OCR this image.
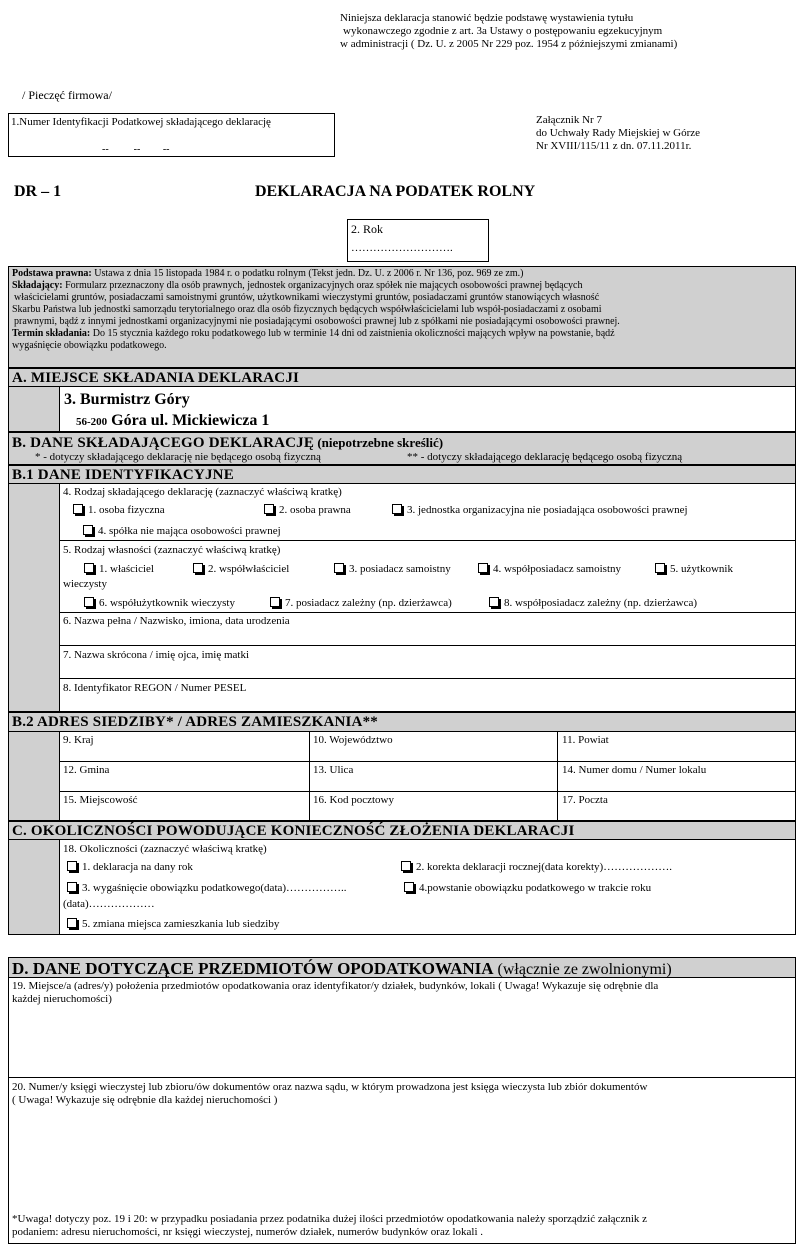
Niniejsza deklaracja stanowić będzie podstawę wystawienia tytułu
wykonawczego zgodnie z art. 3a Ustawy o postępowaniu egzekucyjnym
w administracji ( Dz. U. z 2005 Nr 229 poz. 1954 z późniejszymi zmianami)
/ Pieczęć firmowa/
1.Numer Identyfikacji Podatkowej składającego deklarację
--          --         --
Załącznik Nr 7
do Uchwały Rady Miejskiej w Górze
Nr XVIII/115/11 z dn. 07.11.2011r.
DR – 1	DEKLARACJA NA PODATEK ROLNY
2. Rok
……………………….
Podstawa prawna: Ustawa z dnia 15 listopada 1984 r. o podatku rolnym (Tekst jedn. Dz. U. z 2006 r. Nr 136, poz. 969 ze zm.)
Składający: Formularz przeznaczony dla osób prawnych, jednostek organizacyjnych oraz spółek nie mających osobowości prawnej będących
właścicielami gruntów, posiadaczami samoistnymi gruntów, użytkownikami wieczystymi gruntów, posiadaczami gruntów stanowiących własność
Skarbu Państwa lub jednostki samorządu terytorialnego oraz dla osób fizycznych będących współwłaścicielami lub współ-posiadaczami z osobami
prawnymi, bądź z innymi jednostkami organizacyjnymi nie posiadającymi osobowości prawnej lub z spółkami nie posiadającymi osobowości prawnej.
Termin składania: Do 15 stycznia każdego roku podatkowego lub w terminie 14 dni od zaistnienia okoliczności mających wpływ na powstanie, bądź
wygaśnięcie obowiązku podatkowego.
A. MIEJSCE SKŁADANIA DEKLARACJI
3. Burmistrz Góry
56-200 Góra ul. Mickiewicza 1
B. DANE SKŁADAJĄCEGO DEKLARACJĘ (niepotrzebne skreślić)
* - dotyczy składającego deklarację nie będącego osobą fizyczną	** - dotyczy składającego deklarację będącego osobą fizyczną
B.1 DANE IDENTYFIKACYJNE
4. Rodzaj składającego deklarację (zaznaczyć właściwą kratkę)
1. osoba fizyczna	2. osoba prawna	3. jednostka organizacyjna nie posiadająca osobowości prawnej
4. spółka nie mająca osobowości prawnej
5. Rodzaj własności (zaznaczyć właściwą kratkę)
1. właściciel	2. współwłaściciel	3. posiadacz samoistny	4. współposiadacz samoistny	5. użytkownik
wieczysty
6. współużytkownik wieczysty	7. posiadacz zależny (np. dzierżawca)	8. współposiadacz zależny (np. dzierżawca)
6. Nazwa pełna / Nazwisko, imiona, data urodzenia
7. Nazwa skrócona / imię ojca, imię matki
8. Identyfikator REGON / Numer PESEL
B.2 ADRES SIEDZIBY* / ADRES ZAMIESZKANIA**
9. Kraj	10. Województwo	11. Powiat
12. Gmina	13. Ulica	14. Numer domu / Numer lokalu
15. Miejscowość	16. Kod pocztowy	17. Poczta
C. OKOLICZNOŚCI POWODUJĄCE KONIECZNOŚĆ ZŁOŻENIA DEKLARACJI
18. Okoliczności (zaznaczyć właściwą kratkę)
1. deklaracja na dany rok	2. korekta deklaracji rocznej(data korekty)……………….
3. wygaśnięcie obowiązku podatkowego(data)……………..	4.powstanie obowiązku podatkowego w trakcie roku
(data)………………
5. zmiana miejsca zamieszkania lub siedziby
D. DANE DOTYCZĄCE PRZEDMIOTÓW OPODATKOWANIA (włącznie ze zwolnionymi)
19. Miejsce/a (adres/y) położenia przedmiotów opodatkowania oraz identyfikator/y działek, budynków, lokali ( Uwaga! Wykazuje się odrębnie dla
każdej nieruchomości)
20. Numer/y księgi wieczystej lub zbioru/ów dokumentów oraz nazwa sądu, w którym prowadzona jest księga wieczysta lub zbiór dokumentów
( Uwaga! Wykazuje się odrębnie dla każdej nieruchomości )
*Uwaga! dotyczy poz. 19 i 20: w przypadku posiadania przez podatnika dużej ilości przedmiotów opodatkowania należy sporządzić załącznik z
podaniem: adresu nieruchomości, nr księgi wieczystej, numerów działek, numerów budynków oraz lokali .
